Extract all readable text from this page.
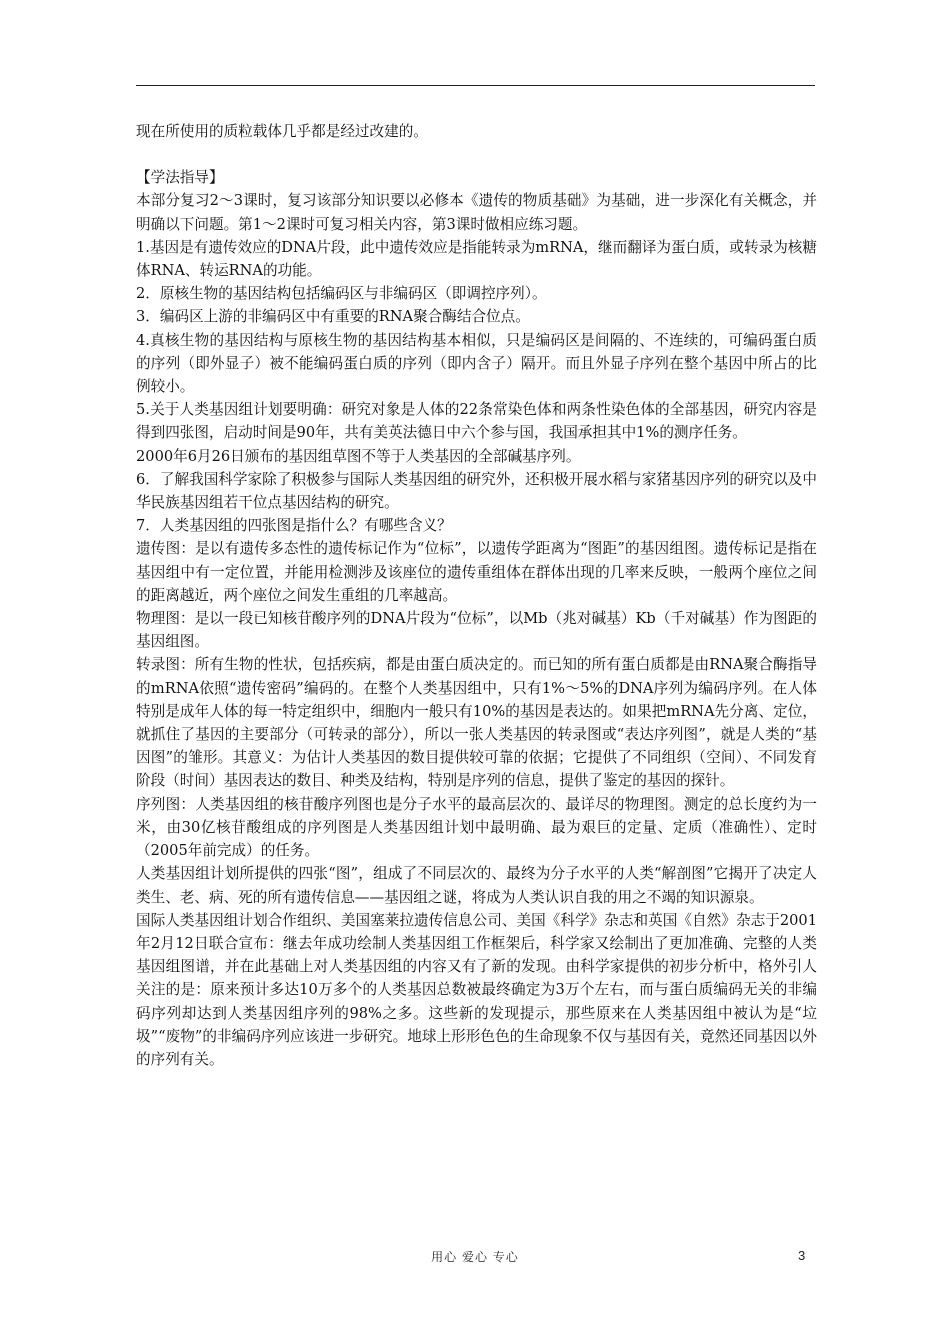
现在所使用的质粒载体几乎都是经过改建的。

【学法指导】

本部分复习2～3课时，复习该部分知识要以必修本《遗传的物质基础》为基础，进一步深化有关概念，并明确以下问题。第1～2课时可复习相关内容，第3课时做相应练习题。

1.基因是有遗传效应的DNA片段，此中遗传效应是指能转录为mRNA，继而翻译为蛋白质，或转录为核糖体RNA、转运RNA的功能。

2．原核生物的基因结构包括编码区与非编码区（即调控序列）。

3．编码区上游的非编码区中有重要的RNA聚合酶结合位点。

4.真核生物的基因结构与原核生物的基因结构基本相似，只是编码区是间隔的、不连续的，可编码蛋白质的序列（即外显子）被不能编码蛋白质的序列（即内含子）隔开。而且外显子序列在整个基因中所占的比例较小。

5.关于人类基因组计划要明确：研究对象是人体的22条常染色体和两条性染色体的全部基因，研究内容是得到四张图，启动时间是90年，共有美英法德日中六个参与国，我国承担其中1%的测序任务。

2000年6月26日颁布的基因组草图不等于人类基因的全部碱基序列。

6．了解我国科学家除了积极参与国际人类基因组的研究外，还积极开展水稻与家猪基因序列的研究以及中华民族基因组若干位点基因结构的研究。

7．人类基因组的四张图是指什么？有哪些含义？

遗传图：是以有遗传多态性的遗传标记作为“位标”，以遗传学距离为“图距”的基因组图。遗传标记是指在基因组中有一定位置，并能用检测涉及该座位的遗传重组体在群体出现的几率来反映，一般两个座位之间的距离越近，两个座位之间发生重组的几率越高。

物理图：是以一段已知核苷酸序列的DNA片段为“位标”，以Mb（兆对碱基）Kb（千对碱基）作为图距的基因组图。

转录图：所有生物的性状，包括疾病，都是由蛋白质决定的。而已知的所有蛋白质都是由RNA聚合酶指导的mRNA依照“遗传密码”编码的。在整个人类基因组中，只有1%～5%的DNA序列为编码序列。在人体特别是成年人体的每一特定组织中，细胞内一般只有10%的基因是表达的。如果把mRNA先分离、定位，就抓住了基因的主要部分（可转录的部分），所以一张人类基因的转录图或“表达序列图”，就是人类的“基因图”的雏形。其意义：为估计人类基因的数目提供较可靠的依据；它提供了不同组织（空间）、不同发育阶段（时间）基因表达的数目、种类及结构，特别是序列的信息，提供了鉴定的基因的探针。

序列图：人类基因组的核苷酸序列图也是分子水平的最高层次的、最详尽的物理图。测定的总长度约为一米，由30亿核苷酸组成的序列图是人类基因组计划中最明确、最为艰巨的定量、定质（准确性）、定时（2005年前完成）的任务。

人类基因组计划所提供的四张“图”，组成了不同层次的、最终为分子水平的人类“解剖图”它揭开了决定人类生、老、病、死的所有遗传信息——基因组之谜，将成为人类认识自我的用之不竭的知识源泉。

国际人类基因组计划合作组织、美国塞莱拉遗传信息公司、美国《科学》杂志和英国《自然》杂志于2001年2月12日联合宣布：继去年成功绘制人类基因组工作框架后，科学家又绘制出了更加准确、完整的人类基因组图谱，并在此基础上对人类基因组的内容又有了新的发现。由科学家提供的初步分析中，格外引人关注的是：原来预计多达10万多个的人类基因总数被最终确定为3万个左右，而与蛋白质编码无关的非编码序列却达到人类基因组序列的98%之多。这些新的发现提示，那些原来在人类基因组中被认为是“垃圾”“废物”的非编码序列应该进一步研究。地球上形形色色的生命现象不仅与基因有关，竟然还同基因以外的序列有关。

用心 爱心 专心	3
